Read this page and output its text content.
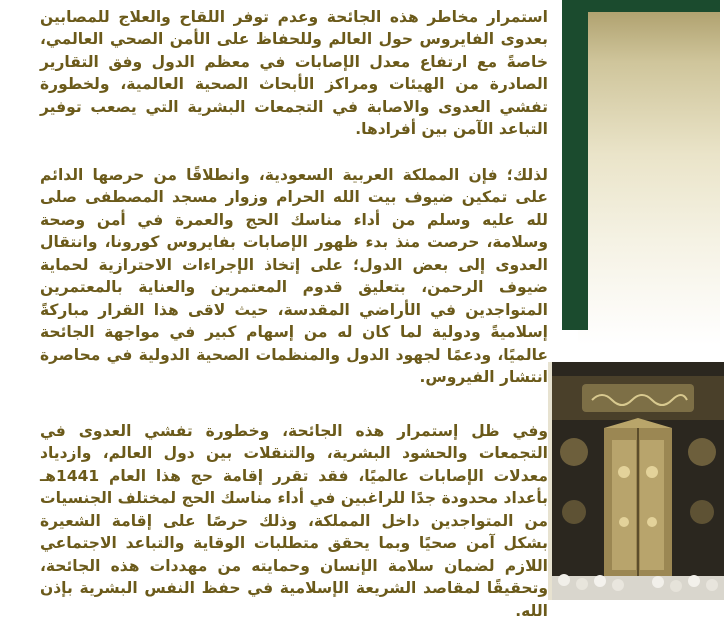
استمرار مخاطر هذه الجائحة وعدم توفر اللقاح والعلاج للمصابين بعدوى الفايروس حول العالم وللحفاظ على الأمن الصحي العالمي، خاصةً مع ارتفاع معدل الإصابات في معظم الدول وفق التقارير الصادرة من الهيئات ومراكز الأبحاث الصحية العالمية، ولخطورة تفشي العدوى والاصابة في التجمعات البشرية التي يصعب توفير التباعد الآمن بين أفرادها.

لذلك؛ فإن المملكة العربية السعودية، وانطلاقًا من حرصها الدائم على تمكين ضيوف بيت الله الحرام وزوار مسجد المصطفى صلى لله عليه وسلم من أداء مناسك الحج والعمرة في أمن وصحة وسلامة، حرصت منذ بدء ظهور الإصابات بفايروس كورونا، وانتقال العدوى إلى بعض الدول؛ على إتخاذ الإجراءات الاحترازية لحماية ضيوف الرحمن، بتعليق قدوم المعتمرين والعناية بالمعتمرين المتواجدين في الأراضي المقدسة، حيث لاقى هذا القرار مباركةً إسلاميةً ودولية لما كان له من إسهام كبير في مواجهة الجائحة عالميًا، ودعمًا لجهود الدول والمنظمات الصحية الدولية في محاصرة انتشار الفيروس.

وفي ظل إستمرار هذه الجائحة، وخطورة تفشي العدوى في التجمعات والحشود البشرية، والتنقلات بين دول العالم، وازدياد معدلات الإصابات عالميًا، فقد تقرر إقامة حج هذا العام 1441هـ بأعداد محدودة جدًا للراغبين في أداء مناسك الحج لمختلف الجنسيات من المتواجدين داخل المملكة، وذلك حرصًا على إقامة الشعيرة بشكل آمن صحيًا وبما يحقق متطلبات الوقاية والتباعد الاجتماعي اللازم لضمان سلامة الإنسان وحمايته من مهددات هذه الجائحة، وتحقيقًا لمقاصد الشريعة الإسلامية في حفظ النفس البشرية بإذن الله.
